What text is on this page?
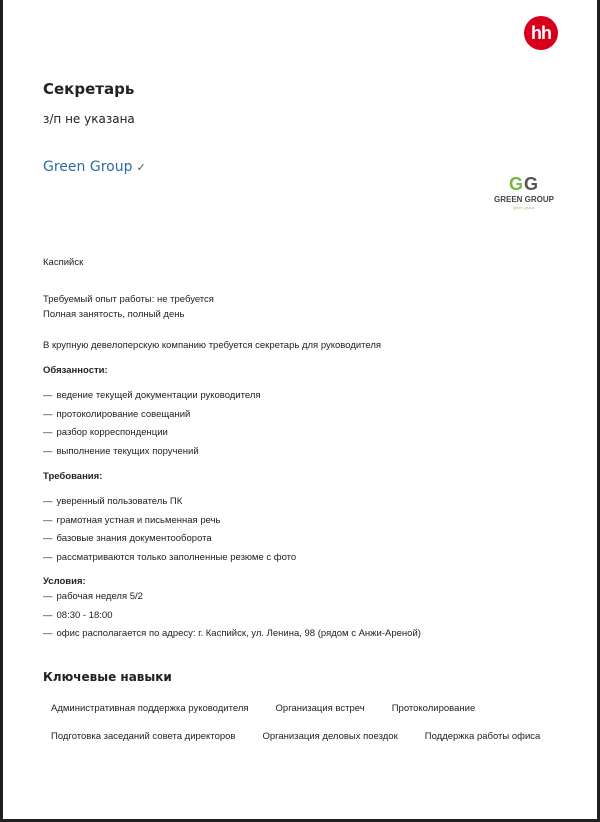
hh
Секретарь
з/п не указана
Green Group ✓
GG
GREEN GROUP
green group
Каспийск
Требуемый опыт работы: не требуется
Полная занятость, полный день
В крупную девелоперскую компанию требуется секретарь для руководителя
Обязанности:
— ведение текущей документации руководителя
— протоколирование совещаний
— разбор корреспонденции
— выполнение текущих поручений
Требования:
— уверенный пользователь ПК
— грамотная устная и письменная речь
— базовые знания документооборота
— рассматриваются только заполненные резюме с фото
Условия:
— рабочая неделя 5/2
— 08:30 - 18:00
— офис располагается по адресу: г. Каспийск, ул. Ленина, 98 (рядом с Анжи-Ареной)
Ключевые навыки
Административная поддержка руководителя	Организация встреч	Протоколирование
Подготовка заседаний совета директоров	Организация деловых поездок	Поддержка работы офиса
